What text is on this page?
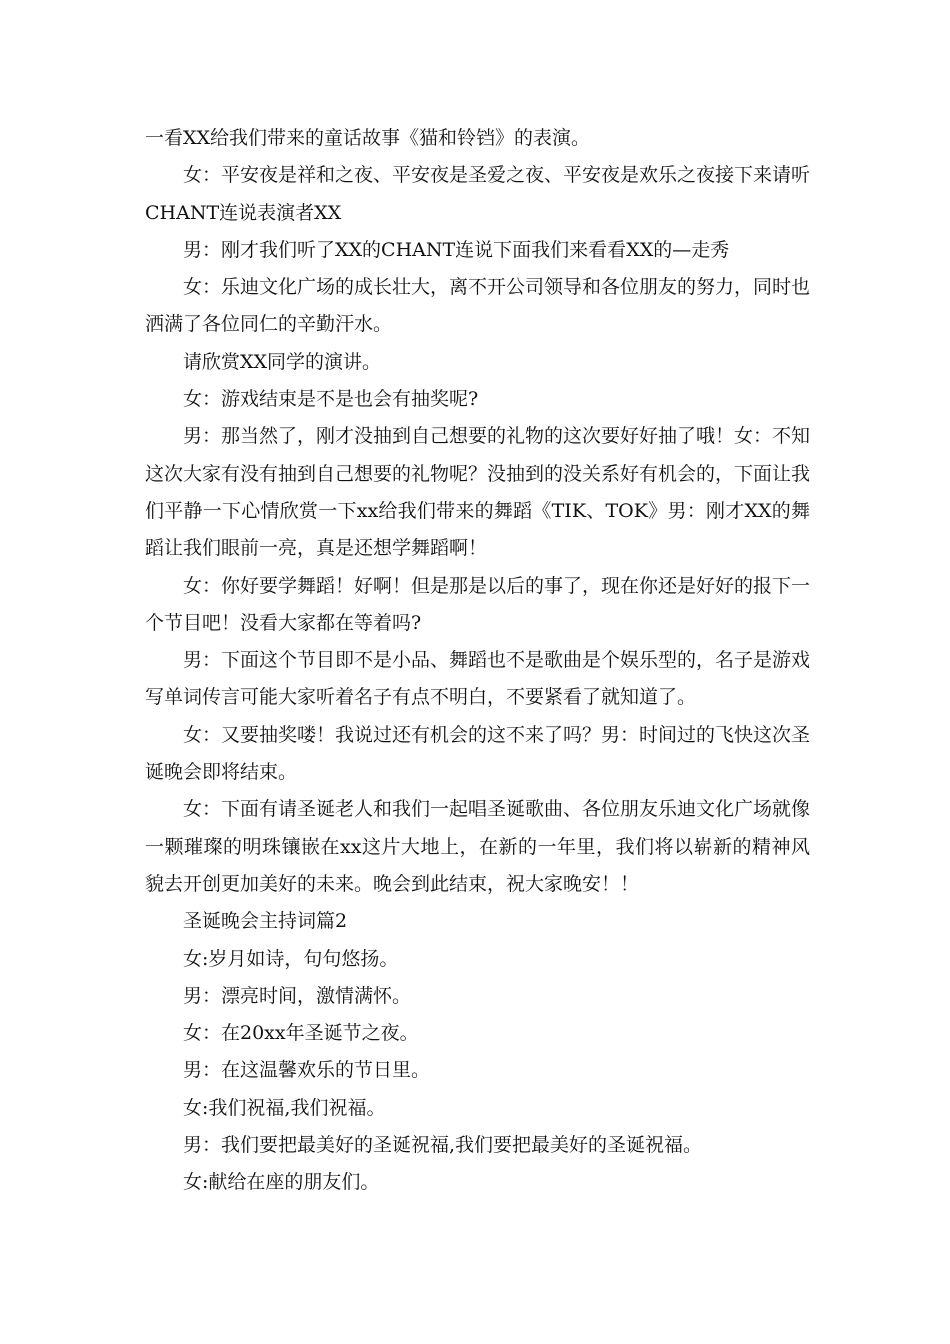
一看XX给我们带来的童话故事《猫和铃铛》的表演。

女：平安夜是祥和之夜、平安夜是圣爱之夜、平安夜是欢乐之夜接下来请听CHANT连说表演者XX

男：刚才我们听了XX的CHANT连说下面我们来看看XX的—走秀

女：乐迪文化广场的成长壮大，离不开公司领导和各位朋友的努力，同时也洒满了各位同仁的辛勤汗水。

请欣赏XX同学的演讲。

女：游戏结束是不是也会有抽奖呢?

男：那当然了，刚才没抽到自己想要的礼物的这次要好好抽了哦！女：不知这次大家有没有抽到自己想要的礼物呢？没抽到的没关系好有机会的，下面让我们平静一下心情欣赏一下xx给我们带来的舞蹈《TIK、TOK》男：刚才XX的舞蹈让我们眼前一亮，真是还想学舞蹈啊！

女：你好要学舞蹈！好啊！但是那是以后的事了，现在你还是好好的报下一个节目吧！没看大家都在等着吗?

男：下面这个节目即不是小品、舞蹈也不是歌曲是个娱乐型的，名子是游戏写单词传言可能大家听着名子有点不明白，不要紧看了就知道了。

女：又要抽奖喽！我说过还有机会的这不来了吗？男：时间过的飞快这次圣诞晚会即将结束。

女：下面有请圣诞老人和我们一起唱圣诞歌曲、各位朋友乐迪文化广场就像一颗璀璨的明珠镶嵌在xx这片大地上，在新的一年里，我们将以崭新的精神风貌去开创更加美好的未来。晚会到此结束，祝大家晚安！！

圣诞晚会主持词篇2

女:岁月如诗，句句悠扬。

男：漂亮时间，激情满怀。

女：在20xx年圣诞节之夜。

男：在这温馨欢乐的节日里。

女:我们祝福,我们祝福。

男：我们要把最美好的圣诞祝福,我们要把最美好的圣诞祝福。

女:献给在座的朋友们。
